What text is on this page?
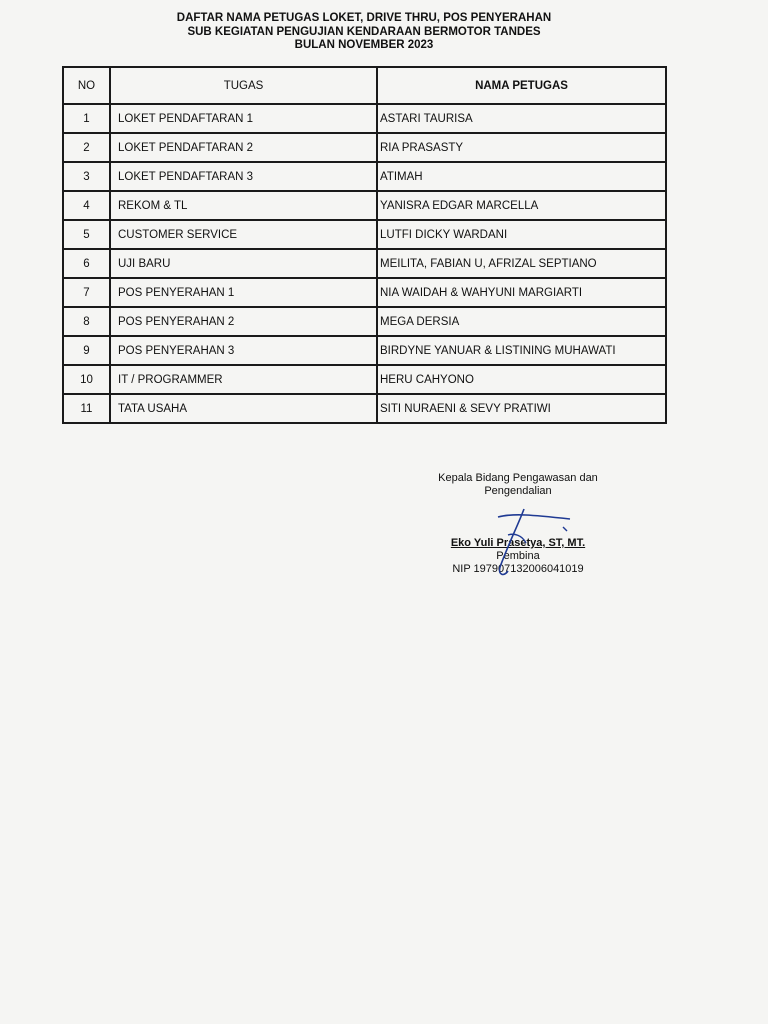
DAFTAR NAMA PETUGAS LOKET, DRIVE THRU, POS PENYERAHAN
SUB KEGIATAN PENGUJIAN KENDARAAN BERMOTOR TANDES
BULAN NOVEMBER 2023
NO	TUGAS	NAMA PETUGAS
1	LOKET PENDAFTARAN 1	ASTARI TAURISA
2	LOKET PENDAFTARAN 2	RIA PRASASTY
3	LOKET PENDAFTARAN 3	ATIMAH
4	REKOM & TL	YANISRA EDGAR MARCELLA
5	CUSTOMER SERVICE	LUTFI DICKY WARDANI
6	UJI BARU	MEILITA, FABIAN U, AFRIZAL SEPTIANO
7	POS PENYERAHAN 1	NIA WAIDAH & WAHYUNI MARGIARTI
8	POS PENYERAHAN 2	MEGA DERSIA
9	POS PENYERAHAN 3	BIRDYNE YANUAR & LISTINING MUHAWATI
10	IT / PROGRAMMER	HERU CAHYONO
11	TATA USAHA	SITI NURAENI & SEVY PRATIWI
Kepala Bidang Pengawasan dan
Pengendalian
Eko Yuli Prasetya, ST, MT.
Pembina
NIP 197907132006041019
